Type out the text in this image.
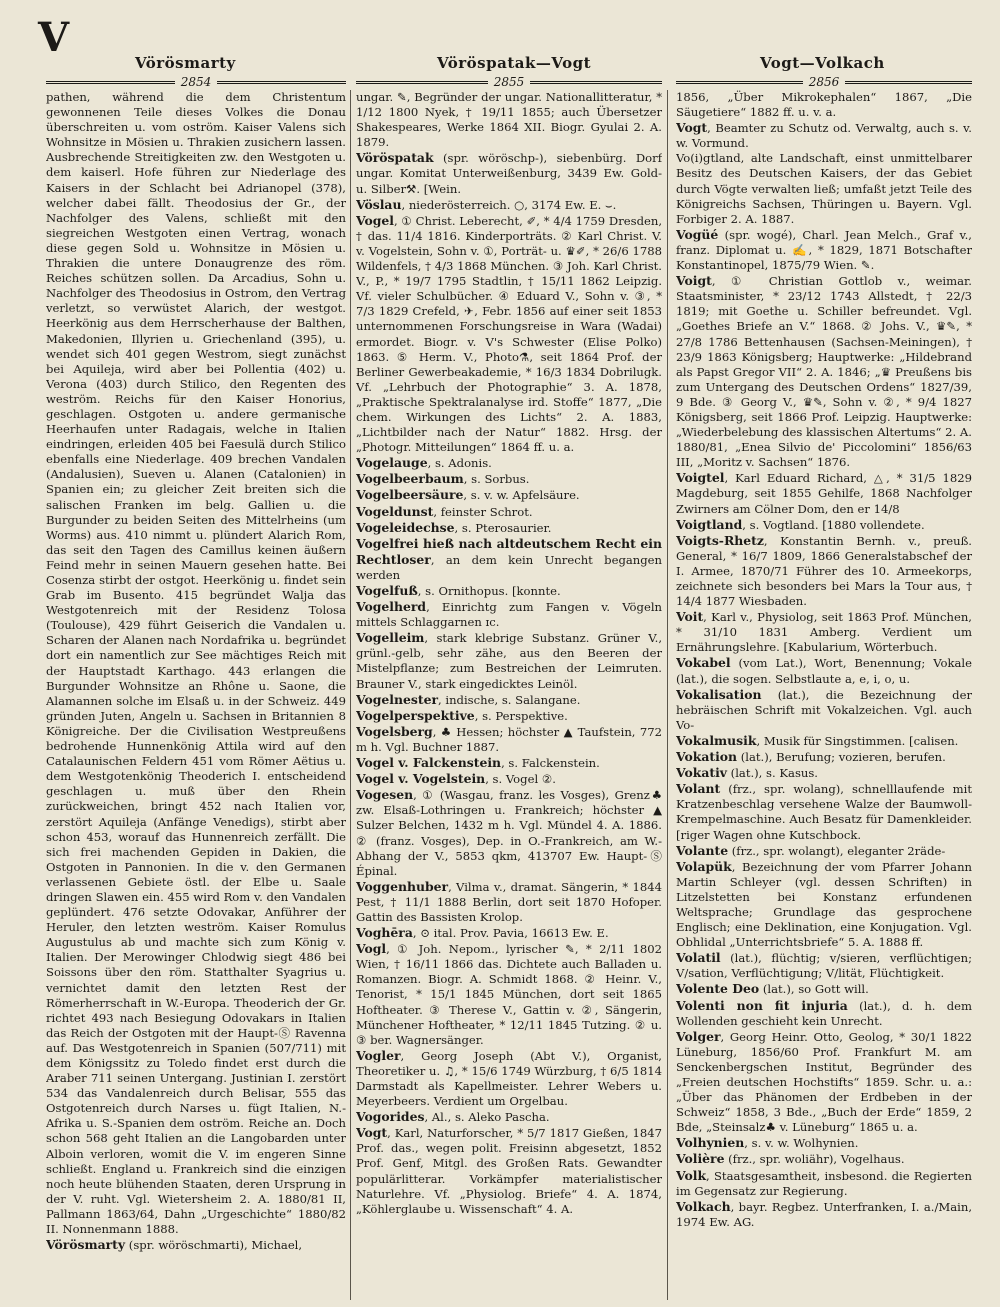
V
Vörösmarty	Vöröspatak—Vogt	Vogt—Volkach
2854	2855	2856

pathen, während die dem Christentum gewonnenen Teile dieses Volkes die Donau überschreiten u. vom oström. Kaiser Valens sich Wohnsitze in Mösien u. Thrakien zusichern lassen. Ausbrechende Streitigkeiten zw. den Westgoten u. dem kaiserl. Hofe führen zur Niederlage des Kaisers in der Schlacht bei Adrianopel (378), welcher dabei fällt. Theodosius der Gr., der Nachfolger des Valens, schließt mit den siegreichen Westgoten einen Vertrag, wonach diese gegen Sold u. Wohnsitze in Mösien u. Thrakien die untere Donaugrenze des röm. Reiches schützen sollen. Da Arcadius, Sohn u. Nachfolger des Theodosius in Ostrom, den Vertrag verletzt, so verwüstet Alarich, der westgot. Heerkönig aus dem Herrscherhause der Balthen, Makedonien, Illyrien u. Griechenland (395), u. wendet sich 401 gegen Westrom, siegt zunächst bei Aquileja, wird aber bei Pollentia (402) u. Verona (403) durch Stilico, den Regenten des weström. Reichs für den Kaiser Honorius, geschlagen. Ostgoten u. andere germanische Heerhaufen unter Radagais, welche in Italien eindringen, erleiden 405 bei Faesulä durch Stilico ebenfalls eine Niederlage. 409 brechen Vandalen (Andalusien), Sueven u. Alanen (Catalonien) in Spanien ein; zu gleicher Zeit breiten sich die salischen Franken im belg. Gallien u. die Burgunder zu beiden Seiten des Mittelrheins (um Worms) aus. 410 nimmt u. plündert Alarich Rom, das seit den Tagen des Camillus keinen äußern Feind mehr in seinen Mauern gesehen hatte. Bei Cosenza stirbt der ostgot. Heerkönig u. findet sein Grab im Busento. 415 begründet Walja das Westgotenreich mit der Residenz Tolosa (Toulouse), 429 führt Geiserich die Vandalen u. Scharen der Alanen nach Nordafrika u. begründet dort ein namentlich zur See mächtiges Reich mit der Hauptstadt Karthago. 443 erlangen die Burgunder Wohnsitze an Rhône u. Saone, die Alamannen solche im Elsaß u. in der Schweiz. 449 gründen Juten, Angeln u. Sachsen in Britannien 8 Königreiche. Der die Civilisation Westpreußens bedrohende Hunnenkönig Attila wird auf den Catalaunischen Feldern 451 vom Römer Aëtius u. dem Westgotenkönig Theoderich I. entscheidend geschlagen u. muß über den Rhein zurückweichen, bringt 452 nach Italien vor, zerstört Aquileja (Anfänge Venedigs), stirbt aber schon 453, worauf das Hunnenreich zerfällt. Die sich frei machenden Gepiden in Dakien, die Ostgoten in Pannonien. In die v. den Germanen verlassenen Gebiete östl. der Elbe u. Saale dringen Slawen ein. 455 wird Rom v. den Vandalen geplündert. 476 setzte Odovakar, Anführer der Heruler, den letzten weström. Kaiser Romulus Augustulus ab und machte sich zum König v. Italien. Der Merowinger Chlodwig siegt 486 bei Soissons über den röm. Statthalter Syagrius u. vernichtet damit den letzten Rest der Römerherrschaft in W.-Europa. Theoderich der Gr. richtet 493 nach Besiegung Odovakars in Italien das Reich der Ostgoten mit der Haupt-Ⓢ Ravenna auf. Das Westgotenreich in Spanien (507/711) mit dem Königssitz zu Toledo findet erst durch die Araber 711 seinen Untergang. Justinian I. zerstört 534 das Vandalenreich durch Belisar, 555 das Ostgotenreich durch Narses u. fügt Italien, N.-Afrika u. S.-Spanien dem oström. Reiche an. Doch schon 568 geht Italien an die Langobarden unter Alboin verloren, womit die V. im engeren Sinne schließt. England u. Frankreich sind die einzigen noch heute blühenden Staaten, deren Ursprung in der V. ruht. Vgl. Wietersheim 2. A. 1880/81 II, Pallmann 1863/64, Dahn „Urgeschichte“ 1880/82 II. Nonnenmann 1888.

Vörösmarty (spr. wöröschmarti), Michael,

ungar. ✎, Begründer der ungar. Nationallitteratur, * 1/12 1800 Nyek, † 19/11 1855; auch Übersetzer Shakespeares, Werke 1864 XII. Biogr. Gyulai 2. A. 1879.

Vöröspatak (spr. wöröschp-), siebenbürg. Dorf ungar. Komitat Unterweißenburg, 3439 Ew. Gold- u. Silber⚒. [Wein.

Vöslau, niederösterreich. ○, 3174 Ew. E. ⌣.

Vogel, ① Christ. Leberecht, ✐, * 4/4 1759 Dresden, † das. 11/4 1816. Kinderporträts. ② Karl Christ. V. v. Vogelstein, Sohn v. ①, Porträt- u. ♛✐, * 26/6 1788 Wildenfels, † 4/3 1868 München. ③ Joh. Karl Christ. V., P., * 19/7 1795 Stadtlin, † 15/11 1862 Leipzig. Vf. vieler Schulbücher. ④ Eduard V., Sohn v. ③, * 7/3 1829 Crefeld, ✈, Febr. 1856 auf einer seit 1853 unternommenen Forschungsreise in Wara (Wadai) ermordet. Biogr. v. V's Schwester (Elise Polko) 1863. ⑤ Herm. V., Photo⚗, seit 1864 Prof. der Berliner Gewerbeakademie, * 16/3 1834 Dobrilugk. Vf. „Lehrbuch der Photographie“ 3. A. 1878, „Praktische Spektralanalyse ird. Stoffe“ 1877, „Die chem. Wirkungen des Lichts“ 2. A. 1883, „Lichtbilder nach der Natur“ 1882. Hrsg. der „Photogr. Mitteilungen“ 1864 ff. u. a.

Vogelauge, s. Adonis.

Vogelbeerbaum, s. Sorbus.

Vogelbeersäure, s. v. w. Apfelsäure.

Vogeldunst, feinster Schrot.

Vogeleidechse, s. Pterosaurier.

Vogelfrei hieß nach altdeutschem Recht ein Rechtloser, an dem kein Unrecht begangen werden

Vogelfuß, s. Ornithopus. [konnte.

Vogelherd, Einrichtg zum Fangen v. Vögeln mittels Schlaggarnen ɪc.

Vogelleim, stark klebrige Substanz. Grüner V., grünl.-gelb, sehr zähe, aus den Beeren der Mistelpflanze; zum Bestreichen der Leimruten. Brauner V., stark eingedicktes Leinöl.

Vogelnester, indische, s. Salangane.

Vogelperspektive, s. Perspektive.

Vogelsberg, ♣ Hessen; höchster ▲ Taufstein, 772 m h. Vgl. Buchner 1887.

Vogel v. Falckenstein, s. Falckenstein.

Vogel v. Vogelstein, s. Vogel ②.

Vogesen, ① (Wasgau, franz. les Vosges), Grenz♣ zw. Elsaß-Lothringen u. Frankreich; höchster ▲ Sulzer Belchen, 1432 m h. Vgl. Mündel 4. A. 1886. ② (franz. Vosges), Dep. in O.-Frankreich, am W.-Abhang der V., 5853 qkm, 413707 Ew. Haupt-Ⓢ Épinal.

Voggenhuber, Vilma v., dramat. Sängerin, * 1844 Pest, † 11/1 1888 Berlin, dort seit 1870 Hofoper. Gattin des Bassisten Krolop.

Voghēra, ⊙ ital. Prov. Pavia, 16613 Ew. E.

Vogl, ① Joh. Nepom., lyrischer ✎, * 2/11 1802 Wien, † 16/11 1866 das. Dichtete auch Balladen u. Romanzen. Biogr. A. Schmidt 1868. ② Heinr. V., Tenorist, * 15/1 1845 München, dort seit 1865 Hoftheater. ③ Therese V., Gattin v. ②, Sängerin, Münchener Hoftheater, * 12/11 1845 Tutzing. ② u. ③ ber. Wagnersänger.

Vogler, Georg Joseph (Abt V.), Organist, Theoretiker u. ♫, * 15/6 1749 Würzburg, † 6/5 1814 Darmstadt als Kapellmeister. Lehrer Webers u. Meyerbeers. Verdient um Orgelbau.

Vogorides, Al., s. Aleko Pascha.

Vogt, Karl, Naturforscher, * 5/7 1817 Gießen, 1847 Prof. das., wegen polit. Freisinn abgesetzt, 1852 Prof. Genf, Mitgl. des Großen Rats. Gewandter populärlitterar. Vorkämpfer materialistischer Naturlehre. Vf. „Physiolog. Briefe“ 4. A. 1874, „Köhlerglaube u. Wissenschaft“ 4. A.

1856, „Über Mikrokephalen“ 1867, „Die Säugetiere“ 1882 ff. u. v. a.

Vogt, Beamter zu Schutz od. Verwaltg, auch s. v. w. Vormund.

Vo(i)gtland, alte Landschaft, einst unmittelbarer Besitz des Deutschen Kaisers, der das Gebiet durch Vögte verwalten ließ; umfaßt jetzt Teile des Königreichs Sachsen, Thüringen u. Bayern. Vgl. Forbiger 2. A. 1887.

Vogüé (spr. wogé), Charl. Jean Melch., Graf v., franz. Diplomat u. ✍, * 1829, 1871 Botschafter Konstantinopel, 1875/79 Wien. ✎.

Voigt, ① Christian Gottlob v., weimar. Staatsminister, * 23/12 1743 Allstedt, † 22/3 1819; mit Goethe u. Schiller befreundet. Vgl. „Goethes Briefe an V.“ 1868. ② Johs. V., ♛✎, * 27/8 1786 Bettenhausen (Sachsen-Meiningen), † 23/9 1863 Königsberg; Hauptwerke: „Hildebrand als Papst Gregor VII“ 2. A. 1846; „♛ Preußens bis zum Untergang des Deutschen Ordens“ 1827/39, 9 Bde. ③ Georg V., ♛✎, Sohn v. ②, * 9/4 1827 Königsberg, seit 1866 Prof. Leipzig. Hauptwerke: „Wiederbelebung des klassischen Altertums“ 2. A. 1880/81, „Enea Silvio de' Piccolomini“ 1856/63 III, „Moritz v. Sachsen“ 1876.

Voigtel, Karl Eduard Richard, △, * 31/5 1829 Magdeburg, seit 1855 Gehilfe, 1868 Nachfolger Zwirners am Cölner Dom, den er 14/8

Voigtland, s. Vogtland. [1880 vollendete.

Voigts-Rhetz, Konstantin Bernh. v., preuß. General, * 16/7 1809, 1866 Generalstabschef der I. Armee, 1870/71 Führer des 10. Armeekorps, zeichnete sich besonders bei Mars la Tour aus, † 14/4 1877 Wiesbaden.

Voit, Karl v., Physiolog, seit 1863 Prof. München, * 31/10 1831 Amberg. Verdient um Ernährungslehre. [Kabularium, Wörterbuch.

Vokabel (vom Lat.), Wort, Benennung; Vokale (lat.), die sogen. Selbstlaute a, e, i, o, u.

Vokalisation (lat.), die Bezeichnung der hebräischen Schrift mit Vokalzeichen. Vgl. auch Vo-

Vokalmusik, Musik für Singstimmen. [calisen.

Vokation (lat.), Berufung; vozieren, berufen.

Vokativ (lat.), s. Kasus.

Volant (frz., spr. wolang), schnelllaufende mit Kratzenbeschlag versehene Walze der Baumwoll-Krempelmaschine. Auch Besatz für Damenkleider. [riger Wagen ohne Kutschbock.

Volante (frz., spr. wolangt), eleganter 2räde-

Volapük, Bezeichnung der vom Pfarrer Johann Martin Schleyer (vgl. dessen Schriften) in Litzelstetten bei Konstanz erfundenen Weltsprache; Grundlage das gesprochene Englisch; eine Deklination, eine Konjugation. Vgl. Obhlidal „Unterrichtsbriefe“ 5. A. 1888 ff.

Volatil (lat.), flüchtig; v/sieren, verflüchtigen; V/sation, Verflüchtigung; V/lität, Flüchtigkeit.

Volente Deo (lat.), so Gott will.

Volenti non fit injuria (lat.), d. h. dem Wollenden geschieht kein Unrecht.

Volger, Georg Heinr. Otto, Geolog, * 30/1 1822 Lüneburg, 1856/60 Prof. Frankfurt M. am Senckenbergschen Institut, Begründer des „Freien deutschen Hochstifts“ 1859. Schr. u. a.: „Über das Phänomen der Erdbeben in der Schweiz“ 1858, 3 Bde., „Buch der Erde“ 1859, 2 Bde, „Steinsalz♣ v. Lüneburg“ 1865 u. a.

Volhynien, s. v. w. Wolhynien.

Volière (frz., spr. woliähr), Vogelhaus.

Volk, Staatsgesamtheit, insbesond. die Regierten im Gegensatz zur Regierung.

Volkach, bayr. Regbez. Unterfranken, I. a./Main, 1974 Ew. AG.
